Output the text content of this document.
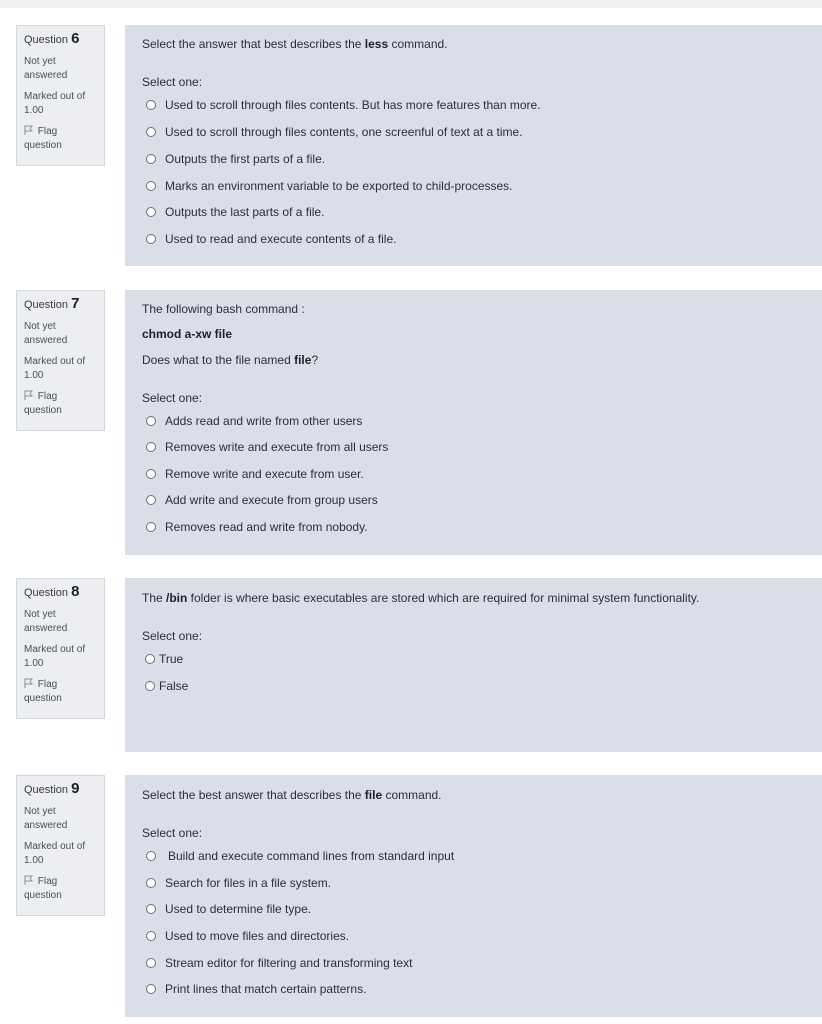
Question 6
Not yet answered
Marked out of 1.00
Flag question

Select the answer that best describes the less command.

Select one:

Used to scroll through files contents. But has more features than more.
Used to scroll through files contents, one screenful of text at a time.
Outputs the first parts of a file.
Marks an environment variable to be exported to child-processes.
Outputs the last parts of a file.
Used to read and execute contents of a file.
Question 7
Not yet answered
Marked out of 1.00
Flag question

The following bash command :

chmod a-xw file

Does what to the file named file?

Select one:

Adds read and write from other users
Removes write and execute from all users
Remove write and execute from user.
Add write and execute from group users
Removes read and write from nobody.
Question 8
Not yet answered
Marked out of 1.00
Flag question

The /bin folder is where basic executables are stored which are required for minimal system functionality.

Select one:

True
False
Question 9
Not yet answered
Marked out of 1.00
Flag question

Select the best answer that describes the file command.

Select one:

Build and execute command lines from standard input
Search for files in a file system.
Used to determine file type.
Used to move files and directories.
Stream editor for filtering and transforming text
Print lines that match certain patterns.
